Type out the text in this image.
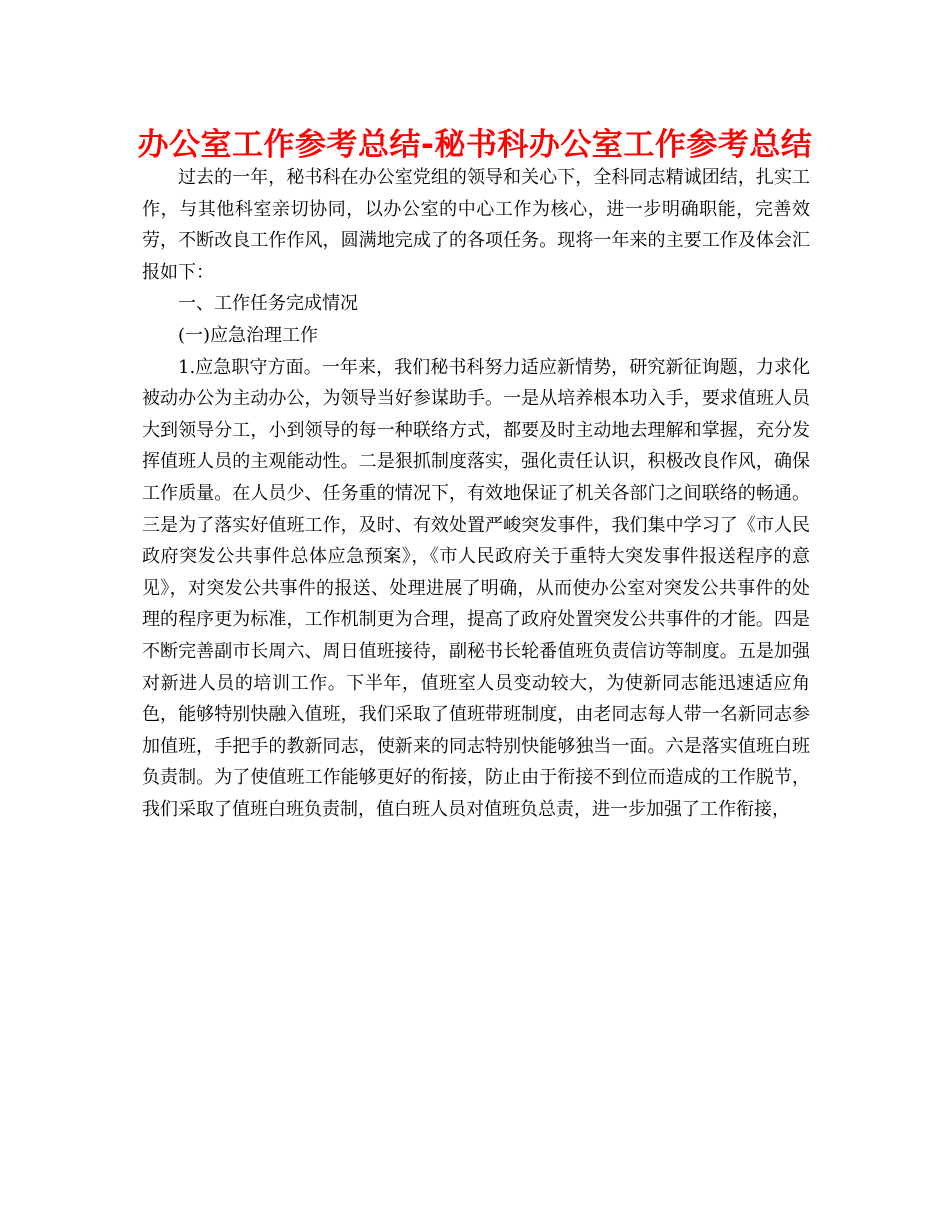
办公室工作参考总结-秘书科办公室工作参考总结

过去的一年，秘书科在办公室党组的领导和关心下，全科同志精诚团结，扎实工作，与其他科室亲切协同，以办公室的中心工作为核心，进一步明确职能，完善效劳，不断改良工作作风，圆满地完成了的各项任务。现将一年来的主要工作及体会汇报如下：

一、工作任务完成情况

(一)应急治理工作

1.应急职守方面。一年来，我们秘书科努力适应新情势，研究新征询题，力求化被动办公为主动办公，为领导当好参谋助手。一是从培养根本功入手，要求值班人员大到领导分工，小到领导的每一种联络方式，都要及时主动地去理解和掌握，充分发挥值班人员的主观能动性。二是狠抓制度落实，强化责任认识，积极改良作风，确保工作质量。在人员少、任务重的情况下，有效地保证了机关各部门之间联络的畅通。三是为了落实好值班工作，及时、有效处置严峻突发事件，我们集中学习了《市人民政府突发公共事件总体应急预案》，《市人民政府关于重特大突发事件报送程序的意见》，对突发公共事件的报送、处理进展了明确，从而使办公室对突发公共事件的处理的程序更为标准，工作机制更为合理，提高了政府处置突发公共事件的才能。四是不断完善副市长周六、周日值班接待，副秘书长轮番值班负责信访等制度。五是加强对新进人员的培训工作。下半年，值班室人员变动较大，为使新同志能迅速适应角色，能够特别快融入值班，我们采取了值班带班制度，由老同志每人带一名新同志参加值班，手把手的教新同志，使新来的同志特别快能够独当一面。六是落实值班白班负责制。为了使值班工作能够更好的衔接，防止由于衔接不到位而造成的工作脱节，我们采取了值班白班负责制，值白班人员对值班负总责，进一步加强了工作衔接，
